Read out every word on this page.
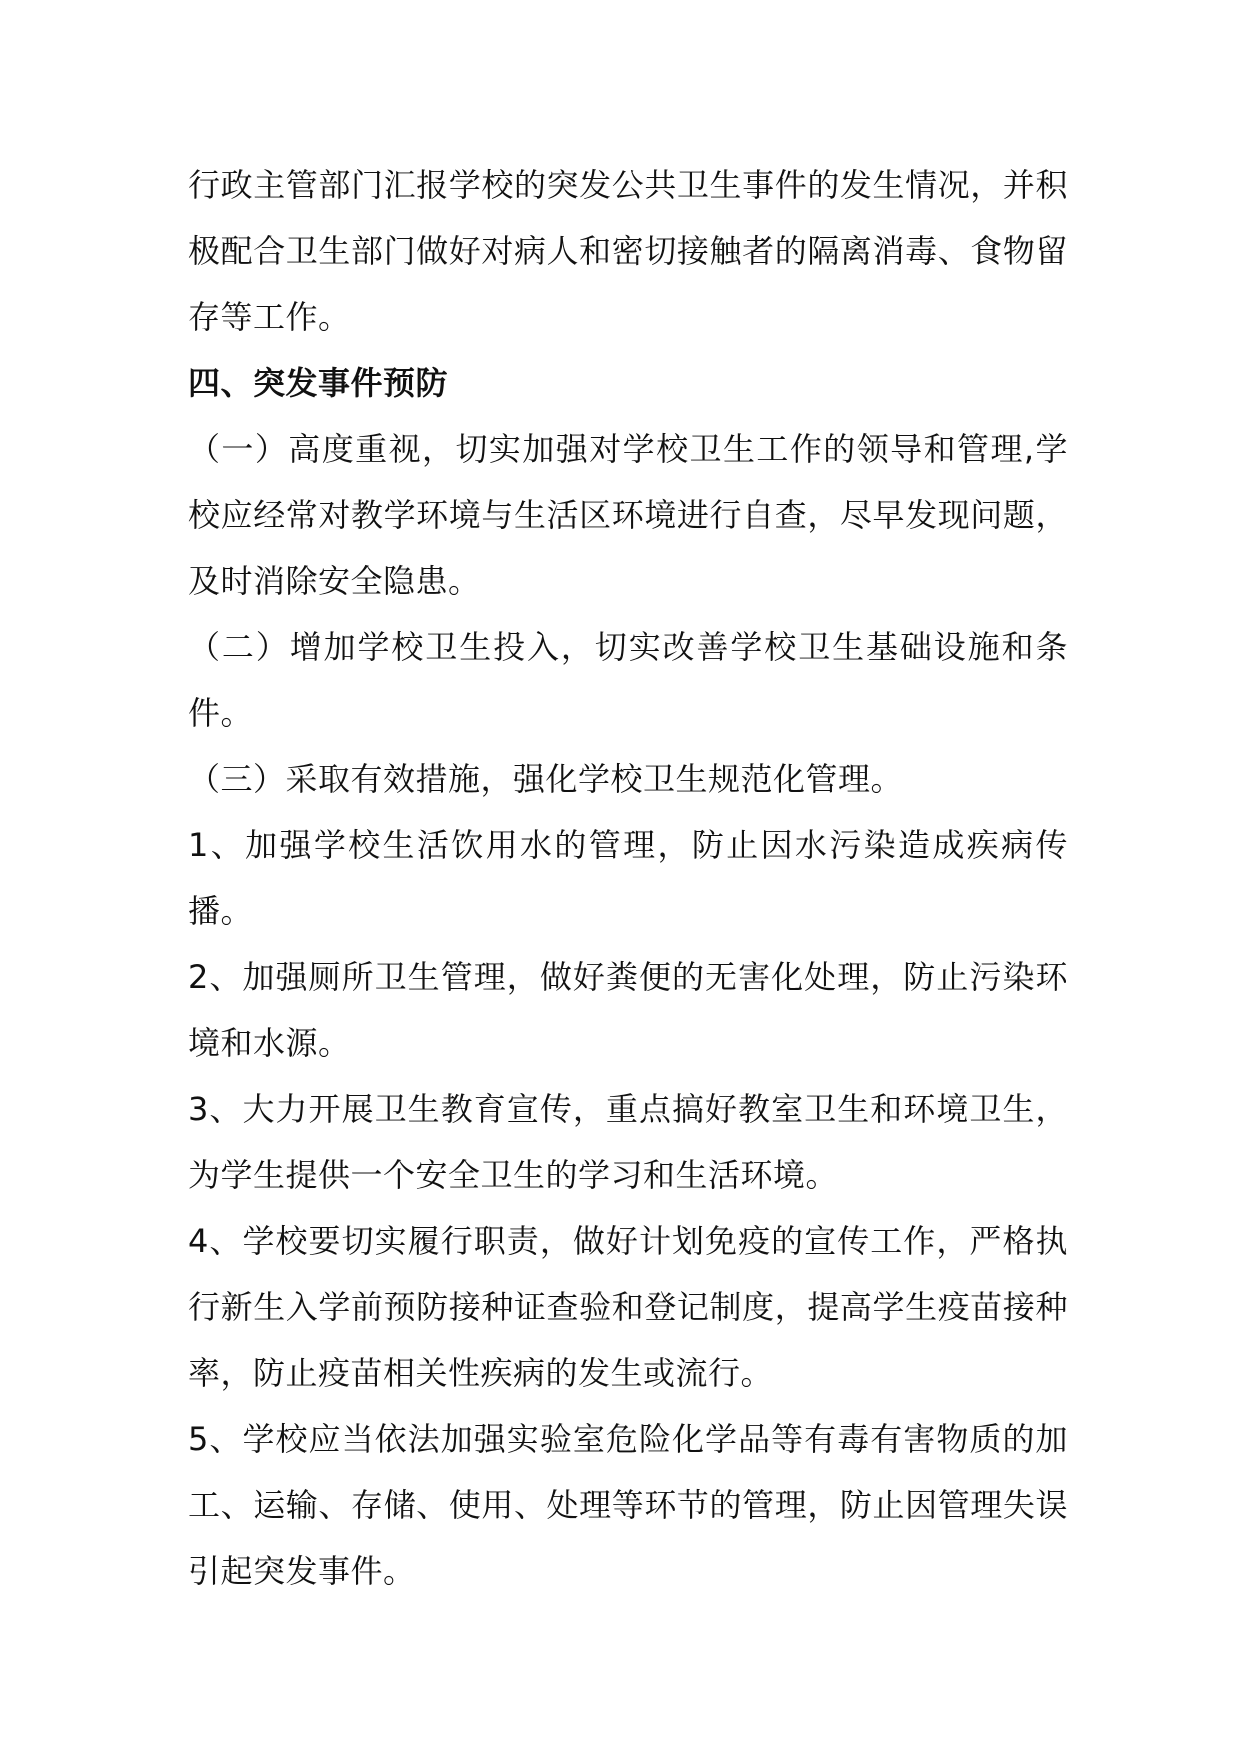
行政主管部门汇报学校的突发公共卫生事件的发生情况，并积极配合卫生部门做好对病人和密切接触者的隔离消毒、食物留存等工作。

四、突发事件预防

（一）高度重视，切实加强对学校卫生工作的领导和管理,学校应经常对教学环境与生活区环境进行自查，尽早发现问题，及时消除安全隐患。

（二）增加学校卫生投入，切实改善学校卫生基础设施和条件。

（三）采取有效措施，强化学校卫生规范化管理。

1、加强学校生活饮用水的管理，防止因水污染造成疾病传播。

2、加强厕所卫生管理，做好粪便的无害化处理，防止污染环境和水源。

3、大力开展卫生教育宣传，重点搞好教室卫生和环境卫生，为学生提供一个安全卫生的学习和生活环境。

4、学校要切实履行职责，做好计划免疫的宣传工作，严格执行新生入学前预防接种证查验和登记制度，提高学生疫苗接种率，防止疫苗相关性疾病的发生或流行。

5、学校应当依法加强实验室危险化学品等有毒有害物质的加工、运输、存储、使用、处理等环节的管理，防止因管理失误引起突发事件。
